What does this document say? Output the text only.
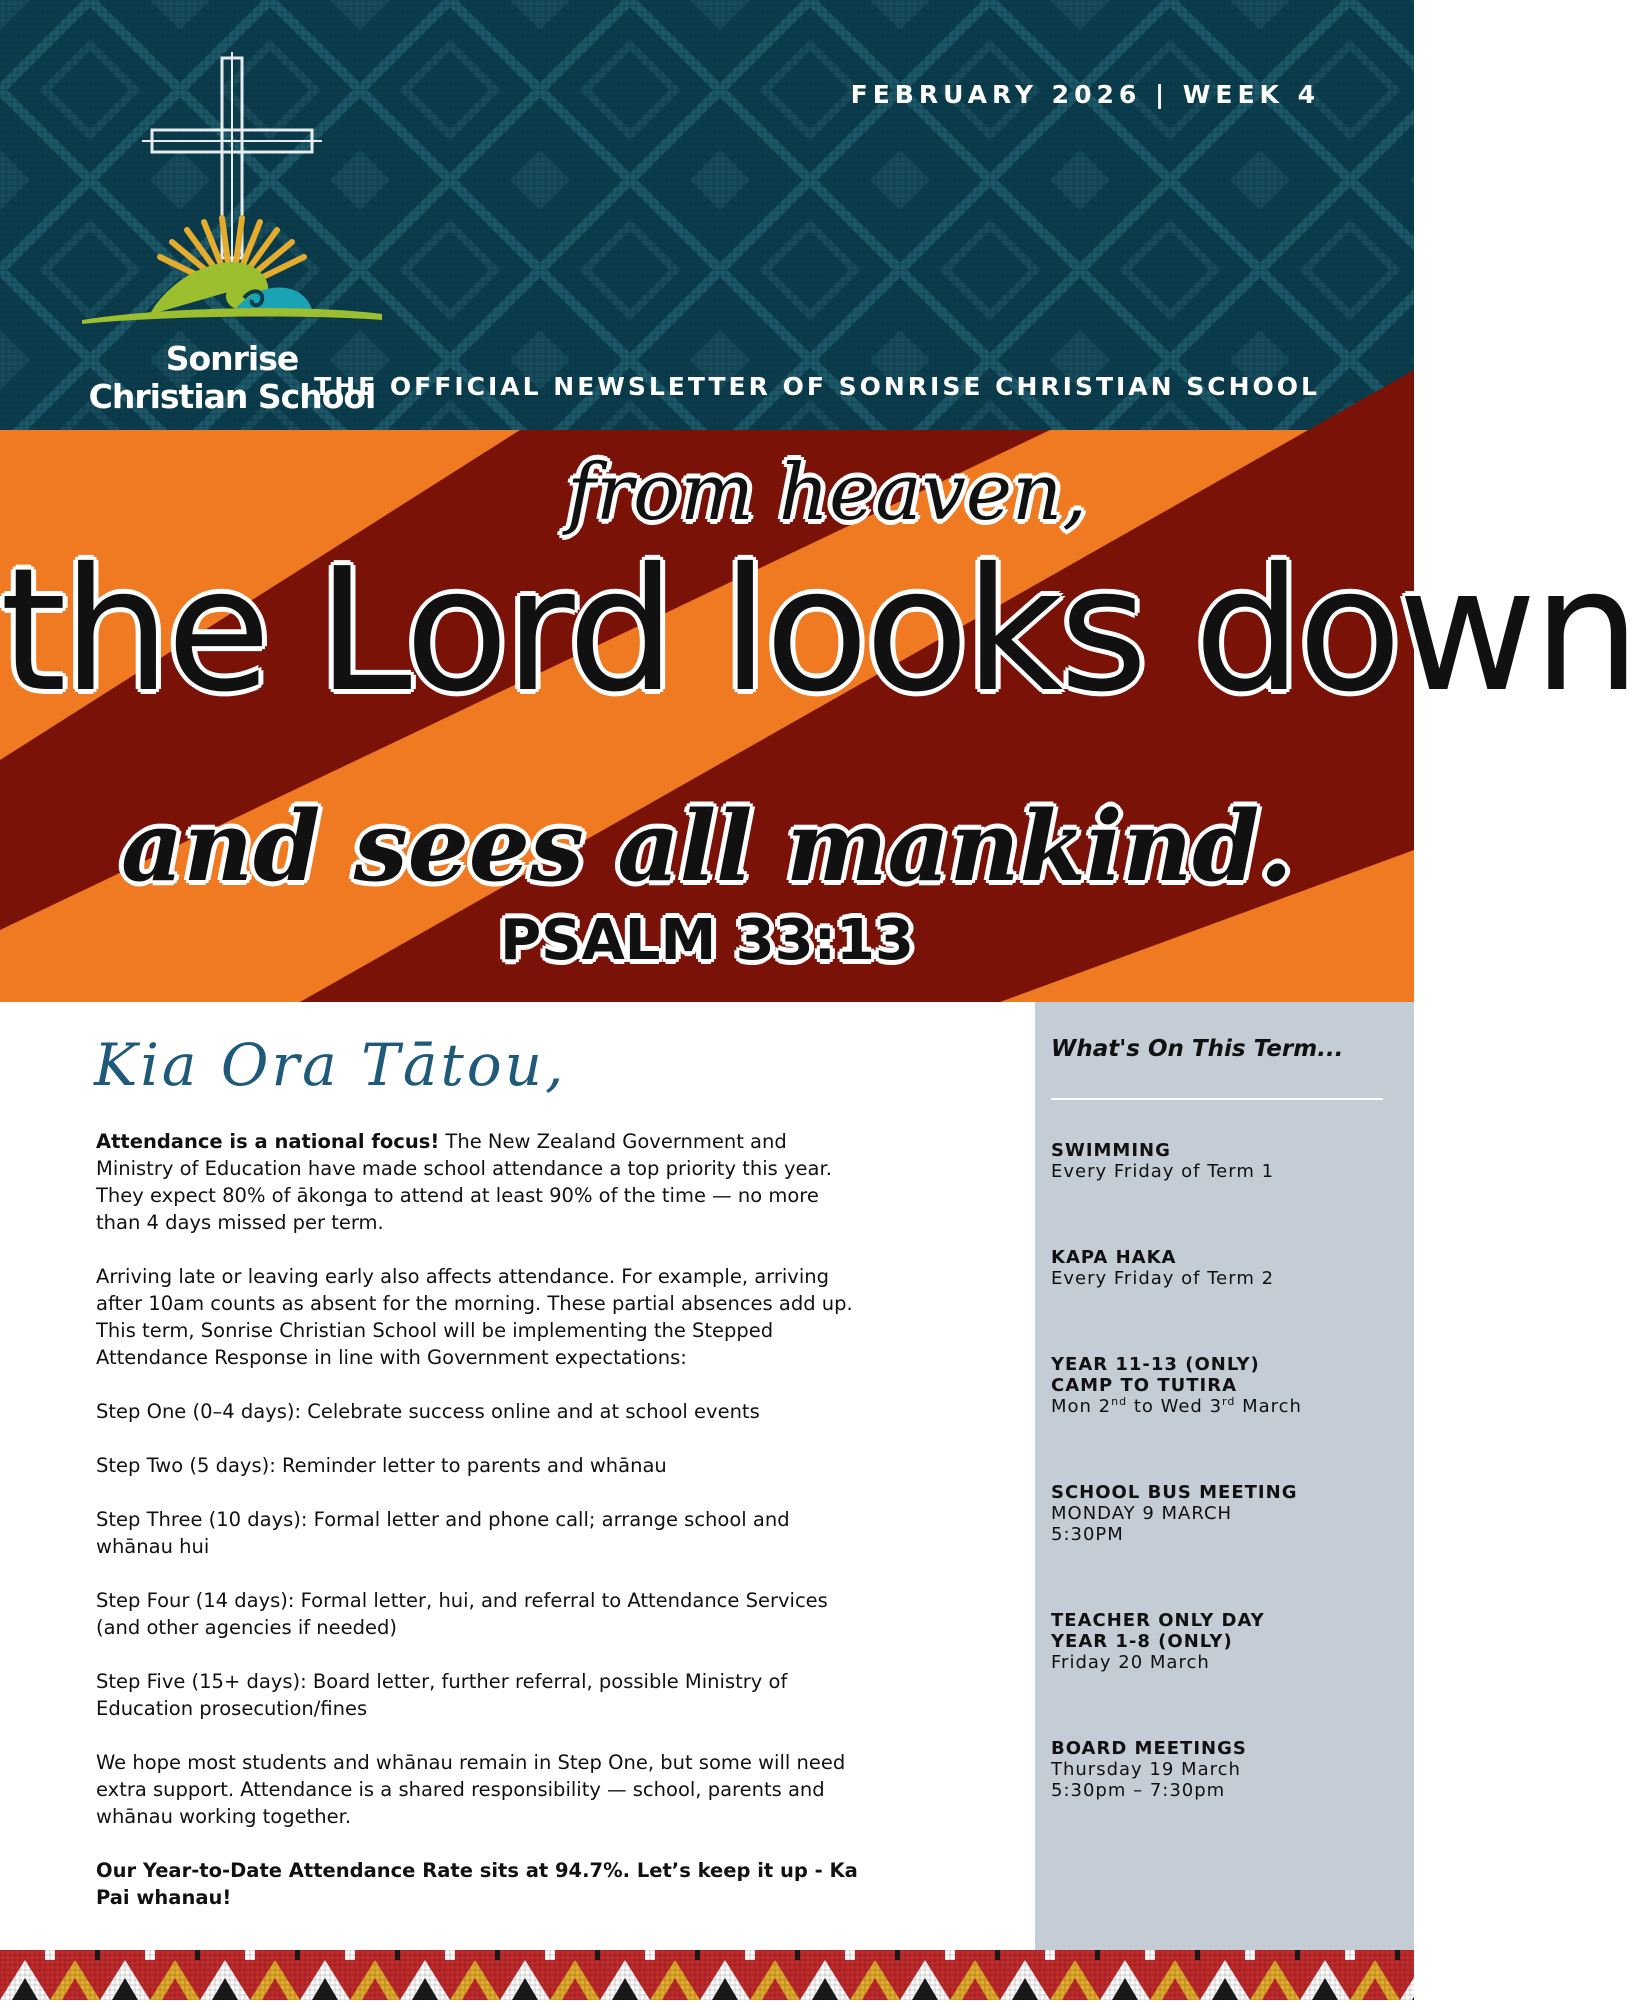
Sonrise
Christian School
FEBRUARY 2026 | WEEK 4
THE OFFICIAL NEWSLETTER OF SONRISE CHRISTIAN SCHOOL
from heaven,
the Lord looks down
and sees all mankind.
PSALM 33:13
Kia Ora Tātou,

Attendance is a national focus! The New Zealand Government and Ministry of Education have made school attendance a top priority this year. They expect 80% of ākonga to attend at least 90% of the time — no more than 4 days missed per term.

Arriving late or leaving early also affects attendance. For example, arriving after 10am counts as absent for the morning. These partial absences add up. This term, Sonrise Christian School will be implementing the Stepped Attendance Response in line with Government expectations:

Step One (0–4 days): Celebrate success online and at school events

Step Two (5 days): Reminder letter to parents and whānau

Step Three (10 days): Formal letter and phone call; arrange school and whānau hui

Step Four (14 days): Formal letter, hui, and referral to Attendance Services (and other agencies if needed)

Step Five (15+ days): Board letter, further referral, possible Ministry of Education prosecution/fines

We hope most students and whānau remain in Step One, but some will need extra support. Attendance is a shared responsibility — school, parents and whānau working together.

Our Year-to-Date Attendance Rate sits at 94.7%. Let’s keep it up - Ka Pai whanau!

What's On This Term...
SWIMMING
Every Friday of Term 1
KAPA HAKA
Every Friday of Term 2
YEAR 11-13 (ONLY)
CAMP TO TUTIRA
Mon 2nd to Wed 3rd March
SCHOOL BUS MEETING
MONDAY 9 MARCH
5:30PM
TEACHER ONLY DAY
YEAR 1-8 (ONLY)
Friday 20 March
BOARD MEETINGS
Thursday 19 March
5:30pm – 7:30pm
